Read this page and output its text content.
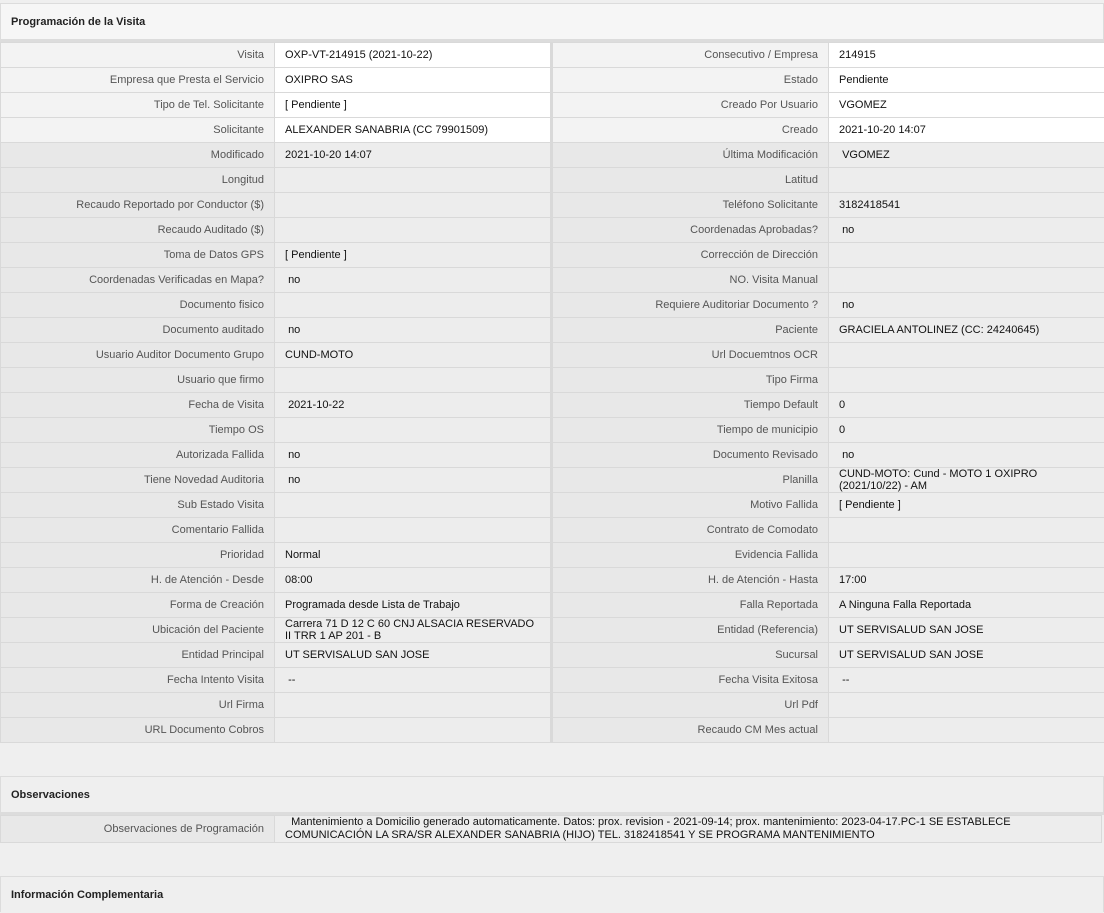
Programación de la Visita
Visita	OXP-VT-214915 (2021-10-22)	Consecutivo / Empresa	214915
Empresa que Presta el Servicio	OXIPRO SAS	Estado	Pendiente
Tipo de Tel. Solicitante	[ Pendiente ]	Creado Por Usuario	VGOMEZ
Solicitante	ALEXANDER SANABRIA (CC 79901509)	Creado	2021-10-20 14:07
Modificado	2021-10-20 14:07	Última Modificación	VGOMEZ
Longitud		Latitud	
Recaudo Reportado por Conductor ($)		Teléfono Solicitante	3182418541
Recaudo Auditado ($)		Coordenadas Aprobadas?	no
Toma de Datos GPS	[ Pendiente ]	Corrección de Dirección	
Coordenadas Verificadas en Mapa?	no	NO. Visita Manual	
Documento fisico		Requiere Auditoriar Documento ?	no
Documento auditado	no	Paciente	GRACIELA ANTOLINEZ (CC: 24240645)
Usuario Auditor Documento Grupo	CUND-MOTO	Url Docuemtnos OCR	
Usuario que firmo		Tipo Firma	
Fecha de Visita	2021-10-22	Tiempo Default	0
Tiempo OS		Tiempo de municipio	0
Autorizada Fallida	no	Documento Revisado	no
Tiene Novedad Auditoria	no	Planilla	CUND-MOTO: Cund - MOTO 1 OXIPRO (2021/10/22) - AM
Sub Estado Visita		Motivo Fallida	[ Pendiente ]
Comentario Fallida		Contrato de Comodato	
Prioridad	Normal	Evidencia Fallida	
H. de Atención - Desde	08:00	H. de Atención - Hasta	17:00
Forma de Creación	Programada desde Lista de Trabajo	Falla Reportada	A Ninguna Falla Reportada
Ubicación del Paciente	Carrera 71 D 12 C 60 CNJ ALSACIA RESERVADO II TRR 1 AP 201 - B	Entidad (Referencia)	UT SERVISALUD SAN JOSE
Entidad Principal	UT SERVISALUD SAN JOSE	Sucursal	UT SERVISALUD SAN JOSE
Fecha Intento Visita	--	Fecha Visita Exitosa	--
Url Firma		Url Pdf	
URL Documento Cobros		Recaudo CM Mes actual	
Observaciones
Observaciones de Programación	Mantenimiento a Domicilio generado automaticamente. Datos: prox. revision - 2021-09-14; prox. mantenimiento: 2023-04-17.PC-1 SE ESTABLECE COMUNICACIÓN LA SRA/SR ALEXANDER SANABRIA (HIJO) TEL. 3182418541 Y SE PROGRAMA MANTENIMIENTO
Información Complementaria
